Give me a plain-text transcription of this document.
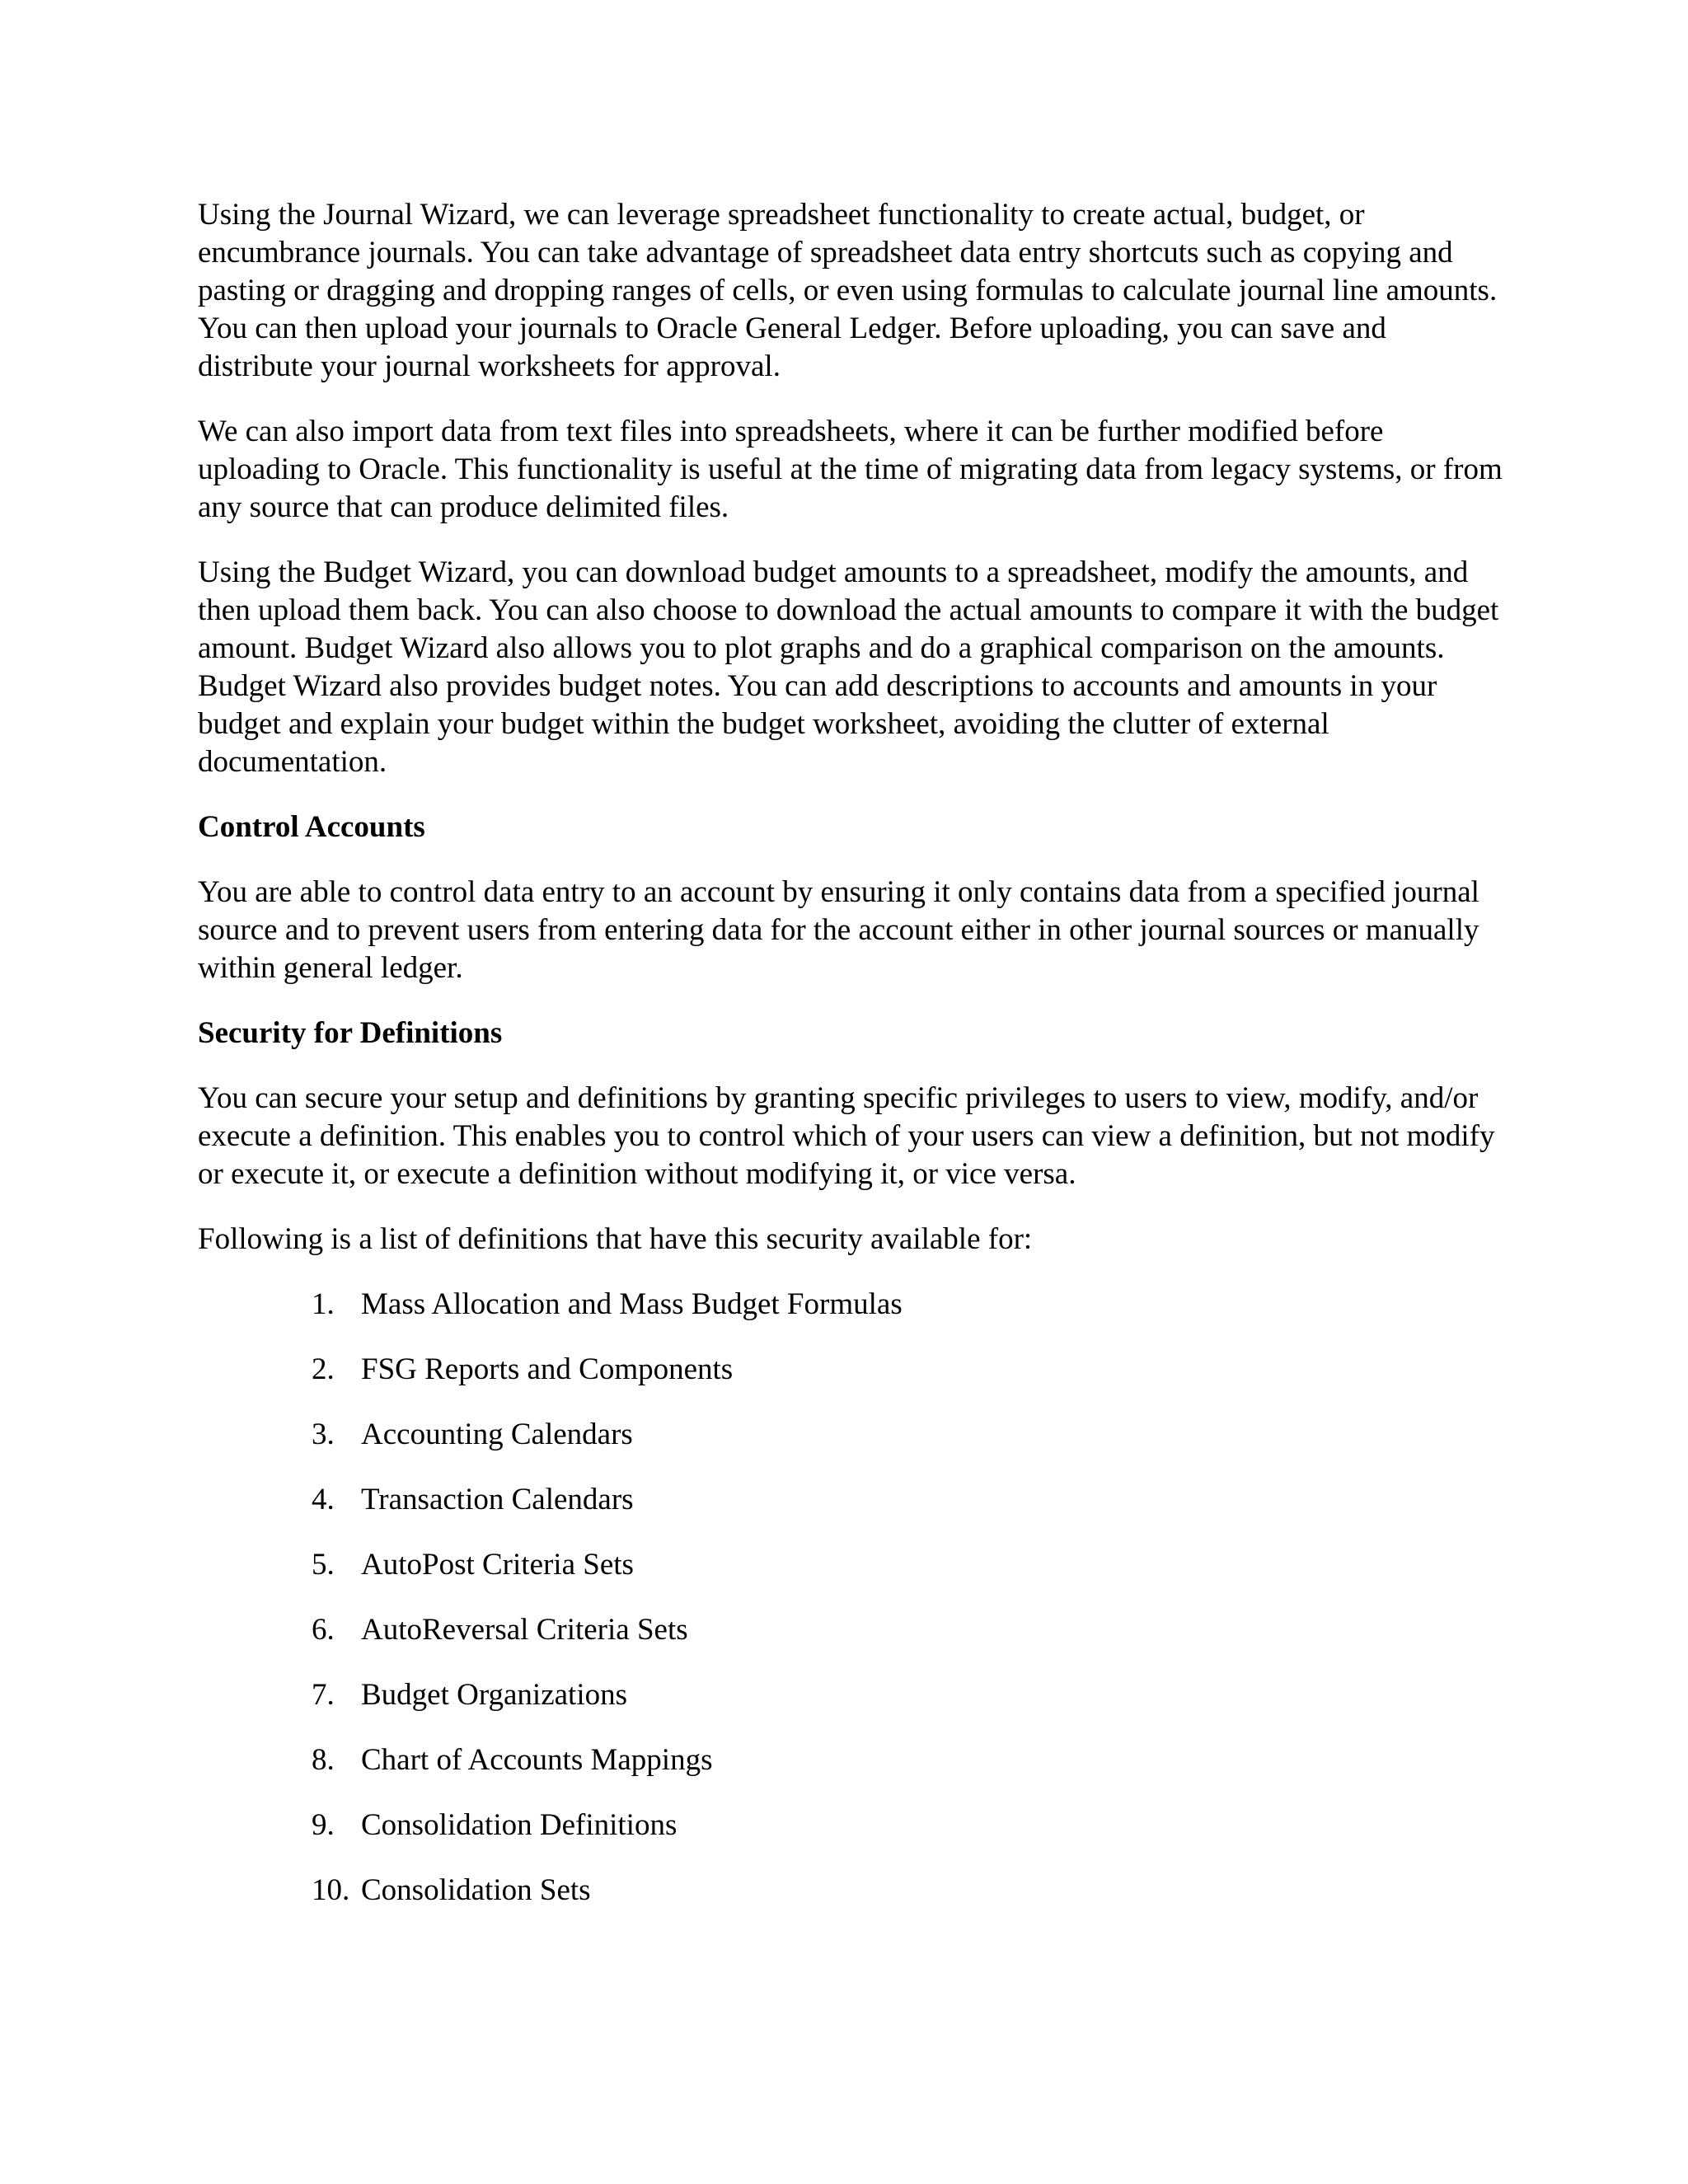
Using the Journal Wizard, we can leverage spreadsheet functionality to create actual, budget, or encumbrance journals. You can take advantage of spreadsheet data entry shortcuts such as copying and pasting or dragging and dropping ranges of cells, or even using formulas to calculate journal line amounts. You can then upload your journals to Oracle General Ledger. Before uploading, you can save and distribute your journal worksheets for approval.

We can also import data from text files into spreadsheets, where it can be further modified before uploading to Oracle. This functionality is useful at the time of migrating data from legacy systems, or from any source that can produce delimited files.

Using the Budget Wizard, you can download budget amounts to a spreadsheet, modify the amounts, and then upload them back. You can also choose to download the actual amounts to compare it with the budget amount. Budget Wizard also allows you to plot graphs and do a graphical comparison on the amounts. Budget Wizard also provides budget notes. You can add descriptions to accounts and amounts in your budget and explain your budget within the budget worksheet, avoiding the clutter of external documentation.

Control Accounts

You are able to control data entry to an account by ensuring it only contains data from a specified journal source and to prevent users from entering data for the account either in other journal sources or manually within general ledger.

Security for Definitions

You can secure your setup and definitions by granting specific privileges to users to view, modify, and/or execute a definition. This enables you to control which of your users can view a definition, but not modify or execute it, or execute a definition without modifying it, or vice versa.

Following is a list of definitions that have this security available for:

1. Mass Allocation and Mass Budget Formulas
2. FSG Reports and Components
3. Accounting Calendars
4. Transaction Calendars
5. AutoPost Criteria Sets
6. AutoReversal Criteria Sets
7. Budget Organizations
8. Chart of Accounts Mappings
9. Consolidation Definitions
10. Consolidation Sets
